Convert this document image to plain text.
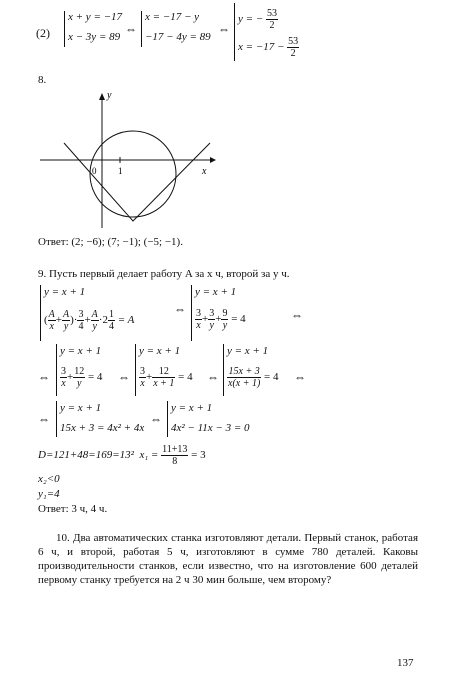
(2)
x + y = −17
x − 3y = 89
⇔
x = −17 − y
−17 − 4y = 89
⇔
y = − $\frac{53}{2}$
$x = -17 - \frac{53}{2}$
8.
y
x
0 1
Ответ: (2; −6); (7; −1); (−5; −1).
9. Пусть первый делает работу A за x ч, второй за y ч.
y = x + 1
( $\frac{A}{x} + \frac{A}{y}$ )· $\frac{3}{4} + \frac{A}{y} \cdot 2 \frac{1}{4} = A$
⇔
y = x + 1
$\frac{3}{x} + \frac{3}{y} + \frac{9}{y} = 4$	⇔
⇔
y = x + 1
$\frac{3}{x} + \frac{12}{y} = 4$ ⇔
y = x + 1
$\frac{3}{x} + \frac{12}{x + 1} = 4$ ⇔
y = x + 1
$\frac{15x + 3}{x(x + 1)} = 4$ ⇔
⇔
y = x + 1
15x + 3 = 4x² + 4x
⇔
y = x + 1
4x² − 11x − 3 = 0
D=121+48=169=13² $x_1 = \frac{11+13}{8} = 3$
x₂<0
y₁=4
Ответ: 3 ч, 4 ч.
10. Два автоматических станка изготовляют детали. Первый станок, работая 6 ч, и второй, работая 5 ч, изготовляют в сумме 780 деталей. Каковы производительности станков, если известно, что на изготовление 600 деталей первому станку требуется на 2 ч 30 мин больше, чем второму?
137
